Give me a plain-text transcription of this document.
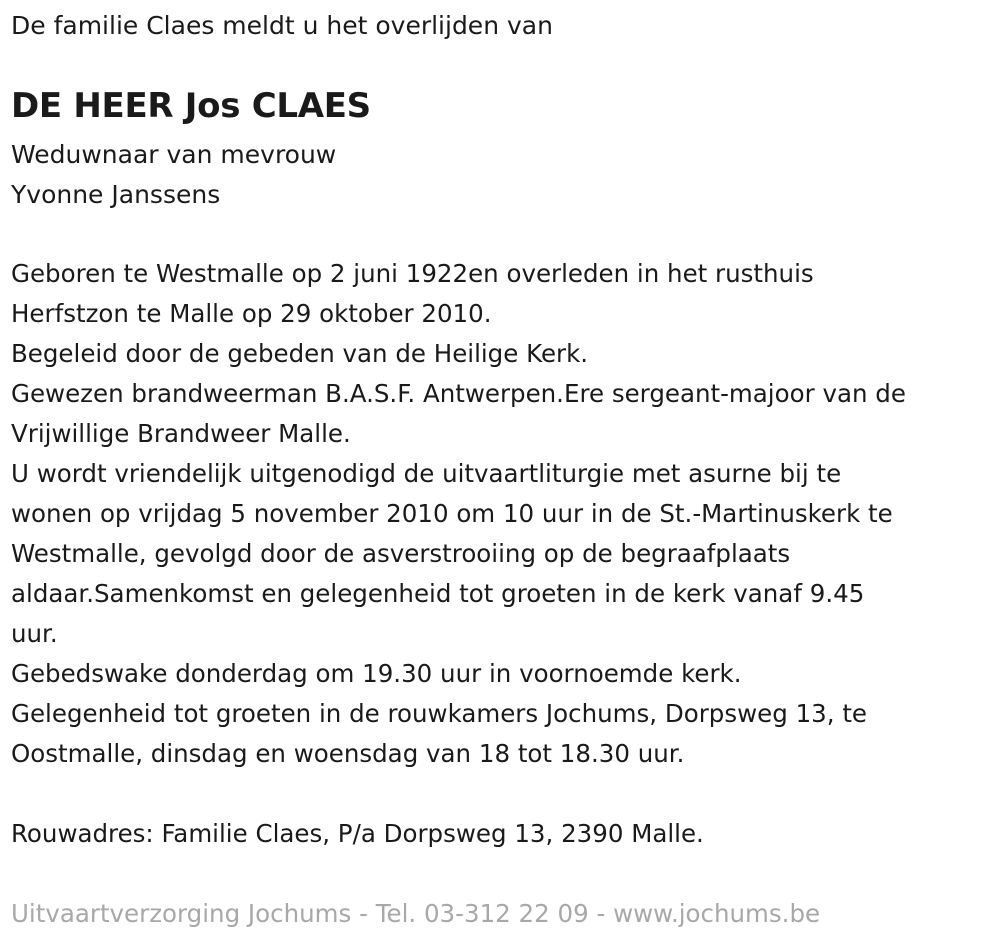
De familie Claes meldt u het overlijden van
DE HEER Jos CLAES
Weduwnaar van mevrouw
Yvonne Janssens
Geboren te Westmalle op 2 juni 1922en overleden in het rusthuis
Herfstzon te Malle op 29 oktober 2010.
Begeleid door de gebeden van de Heilige Kerk.
Gewezen brandweerman B.A.S.F. Antwerpen.Ere sergeant-majoor van de
Vrijwillige Brandweer Malle.
U wordt vriendelijk uitgenodigd de uitvaartliturgie met asurne bij te
wonen op vrijdag 5 november 2010 om 10 uur in de St.-Martinuskerk te
Westmalle, gevolgd door de asverstrooiing op de begraafplaats
aldaar.Samenkomst en gelegenheid tot groeten in de kerk vanaf 9.45
uur.
Gebedswake donderdag om 19.30 uur in voornoemde kerk.
Gelegenheid tot groeten in de rouwkamers Jochums, Dorpsweg 13, te
Oostmalle, dinsdag en woensdag van 18 tot 18.30 uur.
Rouwadres: Familie Claes, P/a Dorpsweg 13, 2390 Malle.
Uitvaartverzorging Jochums - Tel. 03-312 22 09 - www.jochums.be
